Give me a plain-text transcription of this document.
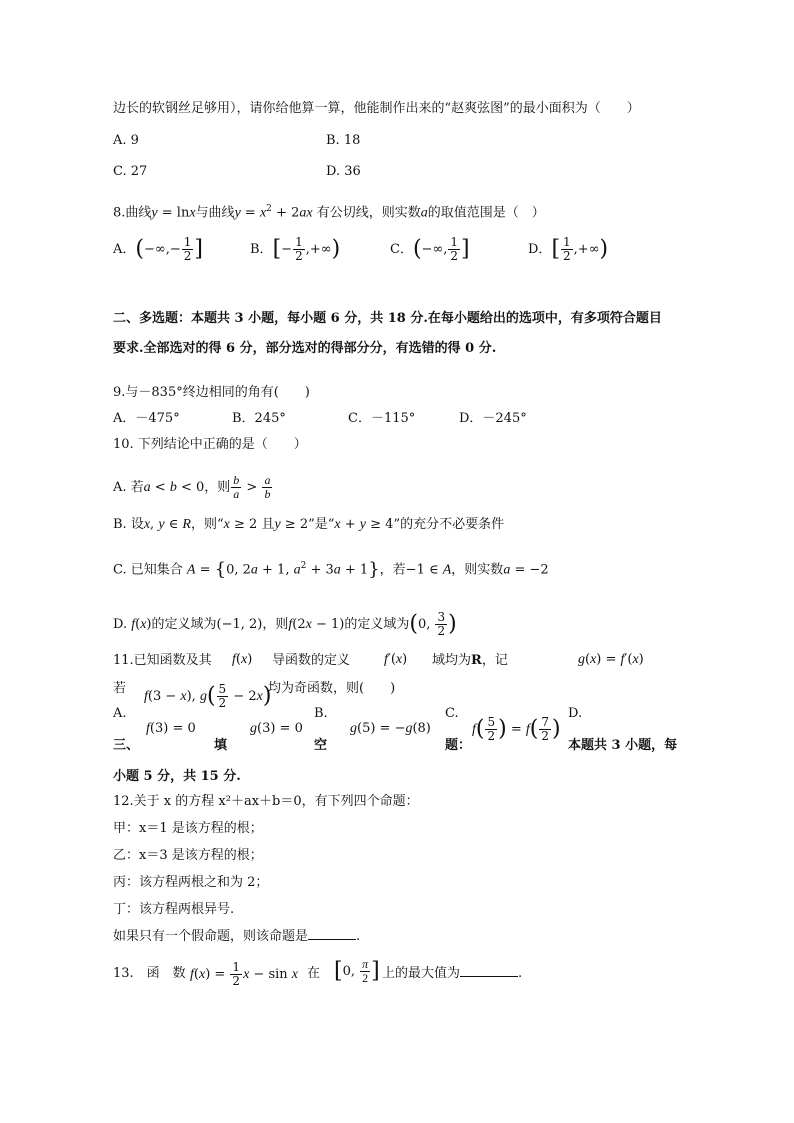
边长的软钢丝足够用），请你给他算一算，他能制作出来的“赵爽弦图”的最小面积为（　　）
A. 9	B. 18
C. 27	D. 36
8.曲线y = lnx与曲线$y = x^2 + 2ax$ 有公切线，则实数a的取值范围是（　）
A．(−∞,− $\frac{1}{2}$ ]	B．[− $\frac{1}{2}$ ,+∞)	C．(−∞, $\frac{1}{2}$ ]	D．[ $\frac{1}{2}$ ,+∞)
二、多选题：本题共 3 小题，每小题 6 分，共 18 分.在每小题给出的选项中，有多项符合题目
要求.全部选对的得 6 分，部分选对的得部分分，有选错的得 0 分.
9.与－835°终边相同的角有(　　)
A．－475°	B．245°	C．－115°	D．－245°
10. 下列结论中正确的是（　　）
A. 若a < b < 0，则 $\frac{b}{a} > \frac{a}{b}$
B. 设x, y ∈ R，则“x ≥ 2 且y ≥ 2”是“x + y ≥ 4”的充分不必要条件
C. 已知集合 A = {0, 2a + 1, $a^2 + 3a + 1$}，若−1 ∈ A，则实数a = −2
D. f(x)的定义域为(−1, 2)，则f(2x − 1)的定义域为(0, $\frac{3}{2}$ )
11.已知函数及其 f(x) 导函数的定义 f′(x) 域均为R，记	g(x) = f′(x)
若
f(3 − x), $g( \frac{5}{2} - 2x)$
均为奇函数，则(　　)
A.	B.	C.	D.
f(3) = 0	g(3) = 0	g(5) = −g(8)	$f( \frac{5}{2}$ ) = $f( \frac{7}{2}$ )
三、	填	空	题：	本题共 3 小题，每
小题 5 分，共 15 分.
12.关于 x 的方程 x²＋ax＋b＝0，有下列四个命题：
甲：x＝1 是该方程的根；
乙：x＝3 是该方程的根；
丙：该方程两根之和为 2；
丁：该方程两根异号.
如果只有一个假命题，则该命题是	.
13.　函　数 $f(x) = \frac{1}{2}$ x − sin x 在 [0, $\frac{\pi}{2}$ ] 上的最大值为	.
